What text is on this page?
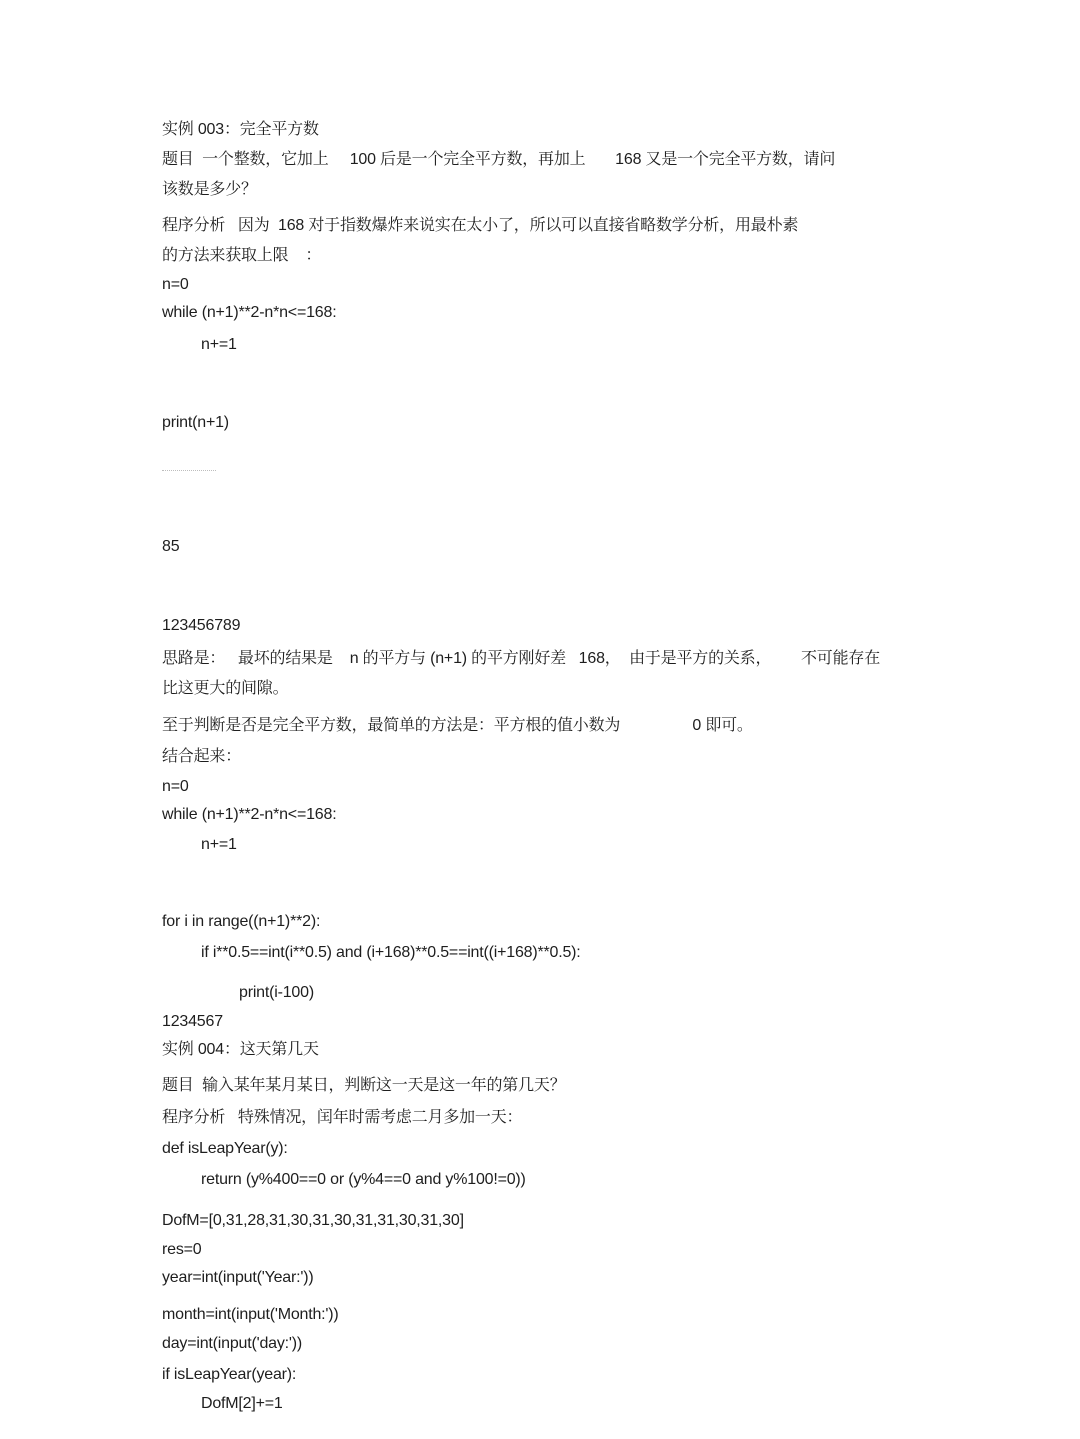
实例 003：完全平方数
题目  一个整数，它加上     100 后是一个完全平方数，再加上       168 又是一个完全平方数，请问
该数是多少？
程序分析   因为  168 对于指数爆炸来说实在太小了，所以可以直接省略数学分析，用最朴素
的方法来获取上限    ：
n=0
while (n+1)**2-n*n<=168:
n+=1
print(n+1)
85
123456789
思路是：   最坏的结果是    n 的平方与 (n+1) 的平方刚好差   168，  由于是平方的关系，       不可能存在
比这更大的间隙。
至于判断是否是完全平方数，最简单的方法是：平方根的值小数为                 0 即可。
结合起来：
n=0
while (n+1)**2-n*n<=168:
n+=1
for i in range((n+1)**2):
if i**0.5==int(i**0.5) and (i+168)**0.5==int((i+168)**0.5):
print(i-100)
1234567
实例 004：这天第几天
题目  输入某年某月某日，判断这一天是这一年的第几天？
程序分析   特殊情况，闰年时需考虑二月多加一天：
def isLeapYear(y):
return (y%400==0 or (y%4==0 and y%100!=0))
DofM=[0,31,28,31,30,31,30,31,31,30,31,30]
res=0
year=int(input('Year:'))
month=int(input('Month:'))
day=int(input('day:'))
if isLeapYear(year):
DofM[2]+=1
